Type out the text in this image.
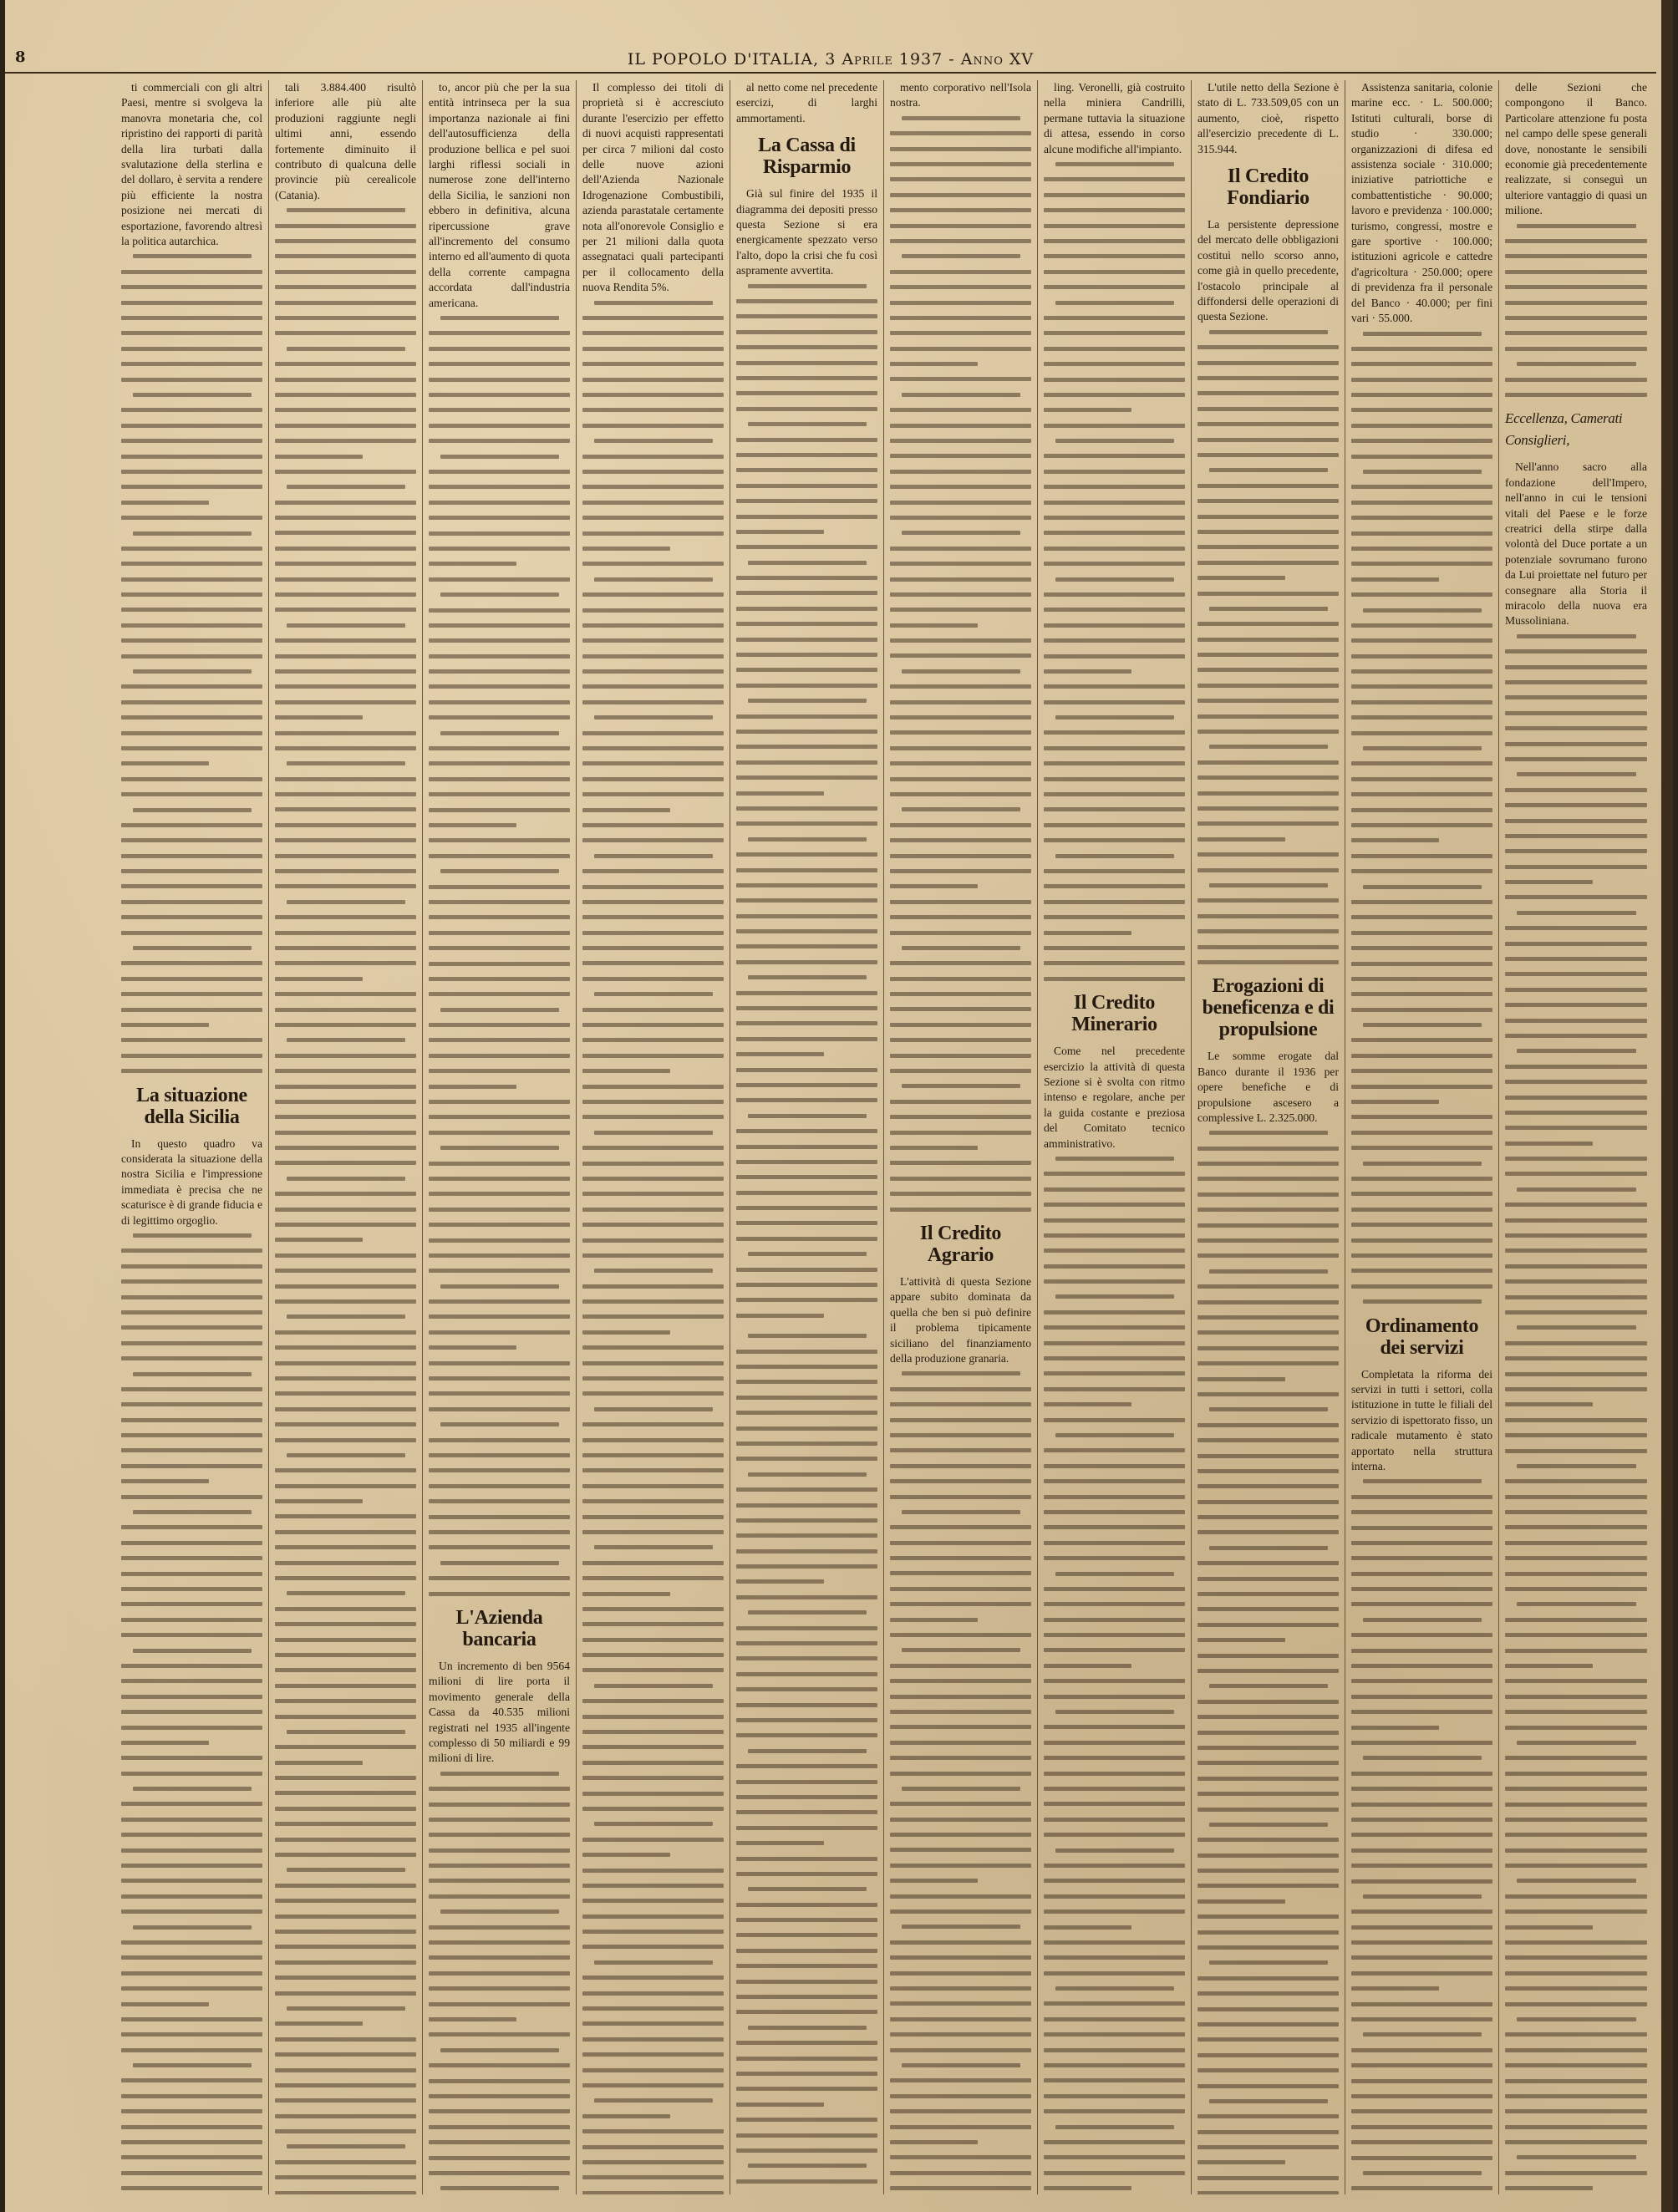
8	IL POPOLO D'ITALIA, 3 Aprile 1937 - Anno XV

ti commerciali con gli altri Paesi, mentre si svolgeva la manovra monetaria che, col ripristino dei rapporti di parità della lira turbati dalla svalutazione della sterlina e del dollaro, è servita a rendere più efficiente la nostra posizione nei mercati di esportazione, favorendo altresì la politica autarchica.

La situazione della Sicilia

In questo quadro va considerata la situazione della nostra Sicilia e l'impressione immediata è precisa che ne scaturisce è di grande fiducia e di legittimo orgoglio.

tali 3.884.400 risultò inferiore alle più alte produzioni raggiunte negli ultimi anni, essendo fortemente diminuito il contributo di qualcuna delle provincie più cerealicole (Catania).

to, ancor più che per la sua entità intrinseca per la sua importanza nazionale ai fini dell'autosufficienza della produzione bellica e pel suoi larghi riflessi sociali in numerose zone dell'interno della Sicilia, le sanzioni non ebbero in definitiva, alcuna ripercussione grave all'incremento del consumo interno ed all'aumento di quota della corrente campagna accordata dall'industria americana.

L'Azienda bancaria

Un incremento di ben 9564 milioni di lire porta il movimento generale della Cassa da 40.535 milioni registrati nel 1935 all'ingente complesso di 50 miliardi e 99 milioni di lire.

Il complesso dei titoli di proprietà si è accresciuto durante l'esercizio per effetto di nuovi acquisti rappresentati per circa 7 milioni dal costo delle nuove azioni dell'Azienda Nazionale Idrogenazione Combustibili, azienda parastatale certamente nota all'onorevole Consiglio e per 21 milioni dalla quota assegnataci quali partecipanti per il collocamento della nuova Rendita 5%.

al netto come nel precedente esercizi, di larghi ammortamenti.

La Cassa di Risparmio

Già sul finire del 1935 il diagramma dei depositi presso questa Sezione si era energicamente spezzato verso l'alto, dopo la crisi che fu così aspramente avvertita.

mento corporativo nell'Isola nostra.

Il Credito Agrario

L'attività di questa Sezione appare subito dominata da quella che ben si può definire il problema tipicamente siciliano del finanziamento della produzione granaria.

ling. Veronelli, già costruito nella miniera Candrilli, permane tuttavia la situazione di attesa, essendo in corso alcune modifiche all'impianto.

Il Credito Minerario

Come nel precedente esercizio la attività di questa Sezione si è svolta con ritmo intenso e regolare, anche per la guida costante e preziosa del Comitato tecnico amministrativo.

L'utile netto della Sezione è stato di L. 733.509,05 con un aumento, cioè, rispetto all'esercizio precedente di L. 315.944.

Il Credito Fondiario

La persistente depressione del mercato delle obbligazioni costituì nello scorso anno, come già in quello precedente, l'ostacolo principale al diffondersi delle operazioni di questa Sezione.

Erogazioni di beneficenza e di propulsione

Le somme erogate dal Banco durante il 1936 per opere benefiche e di propulsione ascesero a complessive L. 2.325.000.

Assistenza sanitaria, colonie marine ecc. · L. 500.000; Istituti culturali, borse di studio · 330.000; organizzazioni di difesa ed assistenza sociale · 310.000; iniziative patriottiche e combattentistiche · 90.000; lavoro e previdenza · 100.000; turismo, congressi, mostre e gare sportive · 100.000; istituzioni agricole e cattedre d'agricoltura · 250.000; opere di previdenza fra il personale del Banco · 40.000; per fini vari · 55.000.

Ordinamento dei servizi

Completata la riforma dei servizi in tutti i settori, colla istituzione in tutte le filiali del servizio di ispettorato fisso, un radicale mutamento è stato apportato nella struttura interna.

delle Sezioni che compongono il Banco. Particolare attenzione fu posta nel campo delle spese generali dove, nonostante le sensibili economie già precedentemente realizzate, si conseguì un ulteriore vantaggio di quasi un milione.

Eccellenza, Camerati Consiglieri,

Nell'anno sacro alla fondazione dell'Impero, nell'anno in cui le tensioni vitali del Paese e le forze creatrici della stirpe dalla volontà del Duce portate a un potenziale sovrumano furono da Lui proiettate nel futuro per consegnare alla Storia il miracolo della nuova era Mussoliniana.
